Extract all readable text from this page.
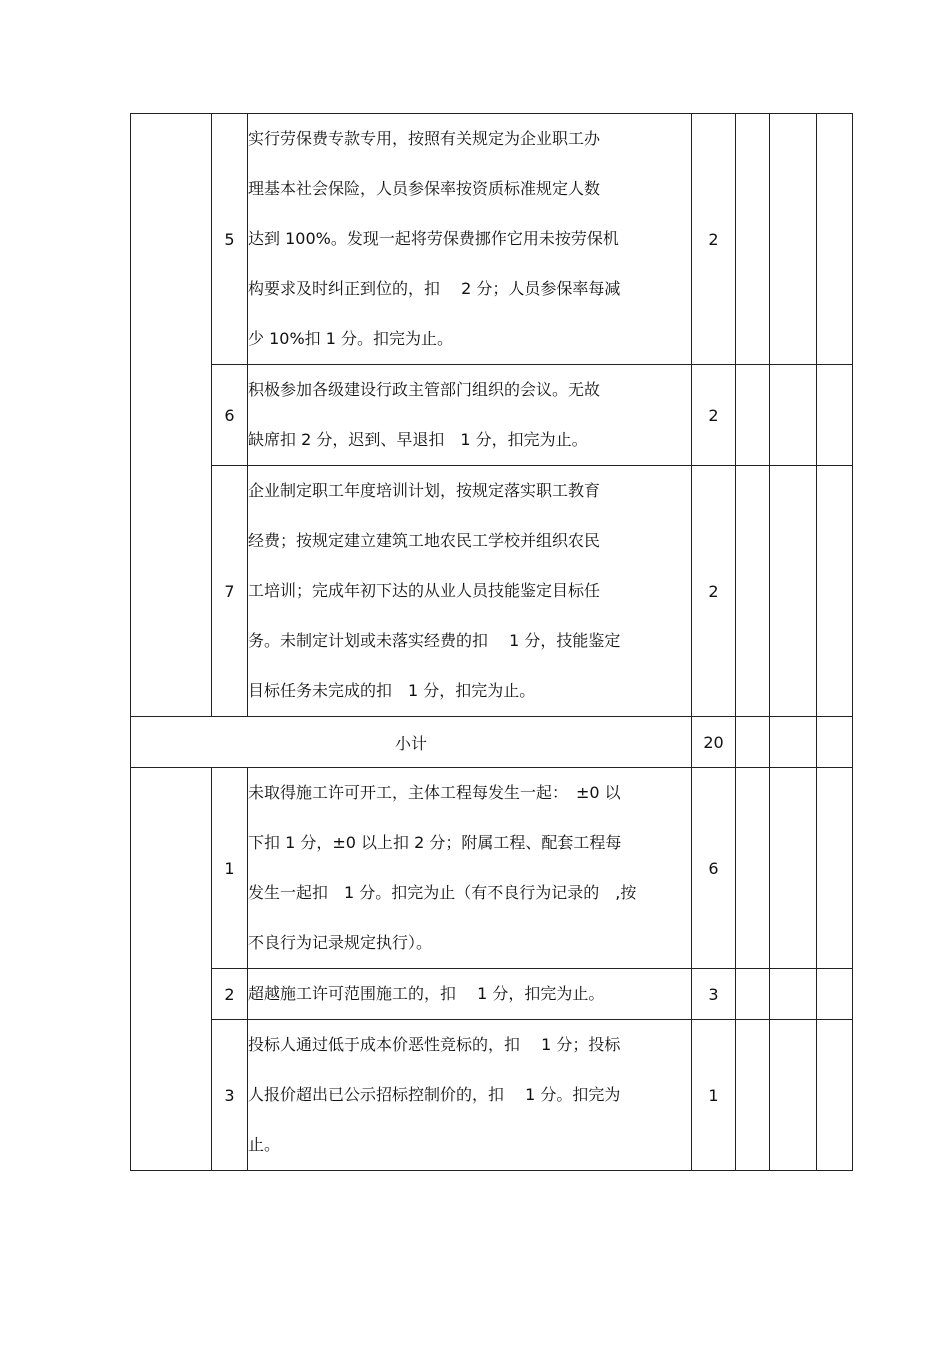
	5	实行劳保费专款专用，按照有关规定为企业职工办

理基本社会保险，人员参保率按资质标准规定人数

达到 100%。发现一起将劳保费挪作它用未按劳保机

构要求及时纠正到位的，扣　 2 分；人员参保率每减

少 10%扣 1 分。扣完为止。	2			
	6	积极参加各级建设行政主管部门组织的会议。无故

缺席扣 2 分，迟到、早退扣　1 分，扣完为止。	2			
	7	企业制定职工年度培训计划，按规定落实职工教育

经费；按规定建立建筑工地农民工学校并组织农民

工培训；完成年初下达的从业人员技能鉴定目标任

务。未制定计划或未落实经费的扣　 1 分，技能鉴定

目标任务未完成的扣　1 分，扣完为止。	2			
小计			20			
	1	未取得施工许可开工，主体工程每发生一起：　±0 以

下扣 1 分，±0 以上扣 2 分；附属工程、配套工程每

发生一起扣　1 分。扣完为止（有不良行为记录的　,按

不良行为记录规定执行）。	6			
	2	超越施工许可范围施工的，扣　 1 分，扣完为止。	3			
	3	投标人通过低于成本价恶性竞标的，扣　 1 分；投标

人报价超出已公示招标控制价的，扣　 1 分。扣完为

止。	1			
